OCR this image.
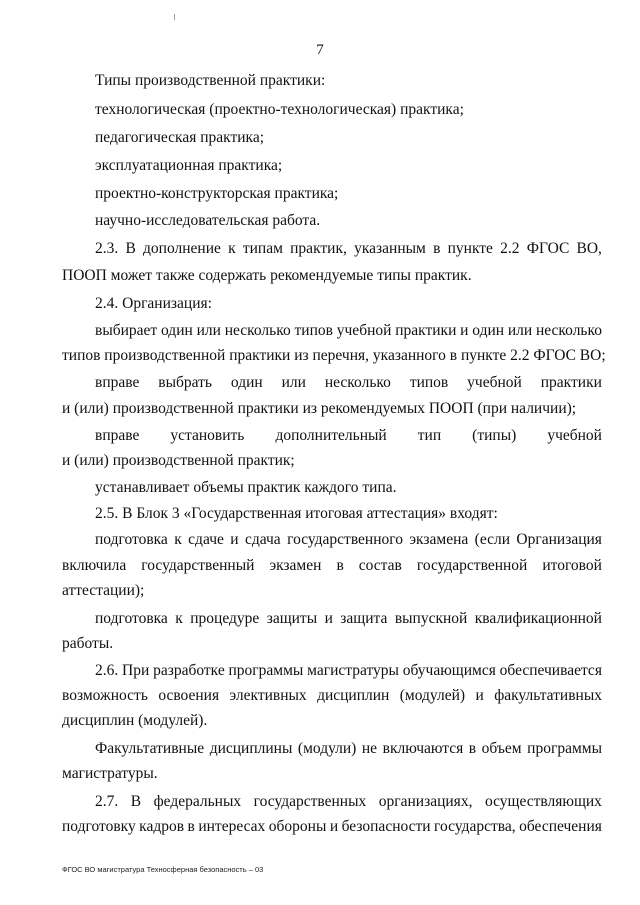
7
Типы производственной практики:
технологическая (проектно-технологическая) практика;
педагогическая практика;
эксплуатационная практика;
проектно-конструкторская практика;
научно-исследовательская работа.
2.3. В дополнение к типам практик, указанным в пункте 2.2 ФГОС ВО,
ПООП может также содержать рекомендуемые типы практик.
2.4. Организация:
выбирает один или несколько типов учебной практики и один или несколько
типов производственной практики из перечня, указанного в пункте 2.2 ФГОС ВО;
вправе выбрать один или несколько типов учебной практики
и (или) производственной практики из рекомендуемых ПООП (при наличии);
вправе установить дополнительный тип (типы) учебной
и (или) производственной практик;
устанавливает объемы практик каждого типа.
2.5. В Блок 3 «Государственная итоговая аттестация» входят:
подготовка к сдаче и сдача государственного экзамена (если Организация
включила государственный экзамен в состав государственной итоговой
аттестации);
подготовка к процедуре защиты и защита выпускной квалификационной
работы.
2.6. При разработке программы магистратуры обучающимся обеспечивается
возможность освоения элективных дисциплин (модулей) и факультативных
дисциплин (модулей).
Факультативные дисциплины (модули) не включаются в объем программы
магистратуры.
2.7. В федеральных государственных организациях, осуществляющих
подготовку кадров в интересах обороны и безопасности государства, обеспечения
ФГОС ВО магистратура Техносферная безопасность – 03
